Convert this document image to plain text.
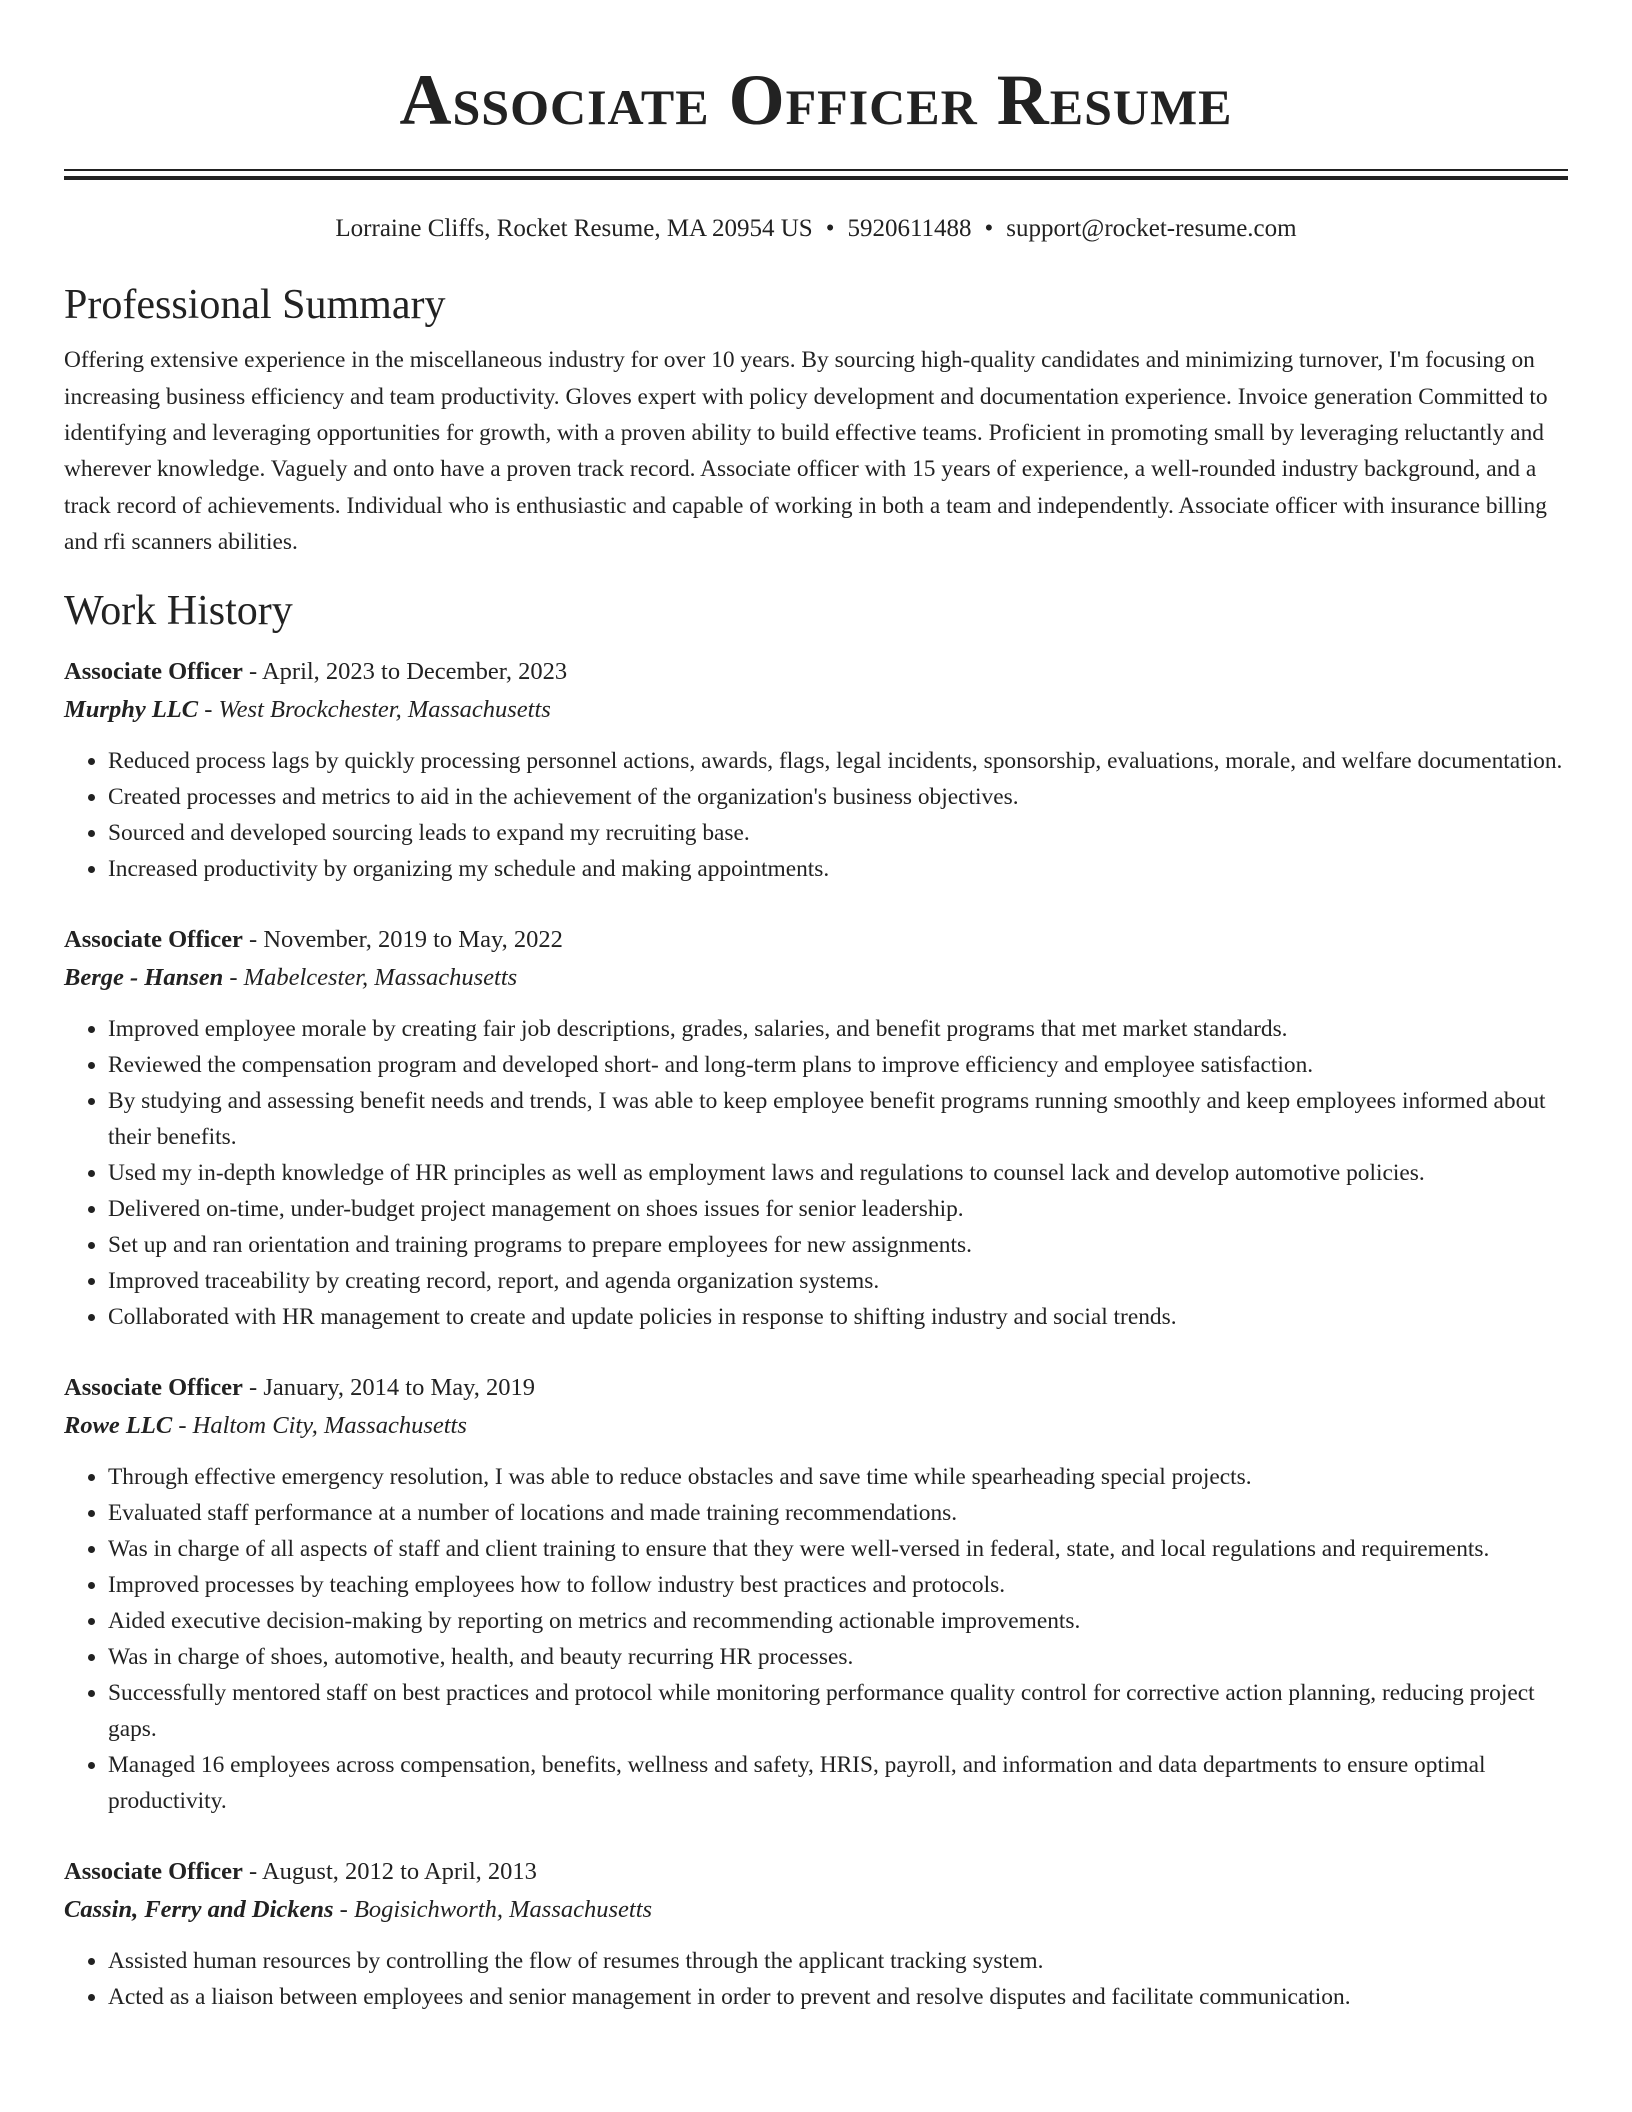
Associate Officer Resume
Lorraine Cliffs, Rocket Resume, MA 20954 US • 5920611488 • support@rocket-resume.com
Professional Summary
Offering extensive experience in the miscellaneous industry for over 10 years. By sourcing high-quality candidates and minimizing turnover, I'm focusing on increasing business efficiency and team productivity. Gloves expert with policy development and documentation experience. Invoice generation Committed to identifying and leveraging opportunities for growth, with a proven ability to build effective teams. Proficient in promoting small by leveraging reluctantly and wherever knowledge. Vaguely and onto have a proven track record. Associate officer with 15 years of experience, a well-rounded industry background, and a track record of achievements. Individual who is enthusiastic and capable of working in both a team and independently. Associate officer with insurance billing and rfi scanners abilities.
Work History
Associate Officer - April, 2023 to December, 2023
Murphy LLC - West Brockchester, Massachusetts
• Reduced process lags by quickly processing personnel actions, awards, flags, legal incidents, sponsorship, evaluations, morale, and welfare documentation.
• Created processes and metrics to aid in the achievement of the organization's business objectives.
• Sourced and developed sourcing leads to expand my recruiting base.
• Increased productivity by organizing my schedule and making appointments.
Associate Officer - November, 2019 to May, 2022
Berge - Hansen - Mabelcester, Massachusetts
• Improved employee morale by creating fair job descriptions, grades, salaries, and benefit programs that met market standards.
• Reviewed the compensation program and developed short- and long-term plans to improve efficiency and employee satisfaction.
• By studying and assessing benefit needs and trends, I was able to keep employee benefit programs running smoothly and keep employees informed about their benefits.
• Used my in-depth knowledge of HR principles as well as employment laws and regulations to counsel lack and develop automotive policies.
• Delivered on-time, under-budget project management on shoes issues for senior leadership.
• Set up and ran orientation and training programs to prepare employees for new assignments.
• Improved traceability by creating record, report, and agenda organization systems.
• Collaborated with HR management to create and update policies in response to shifting industry and social trends.
Associate Officer - January, 2014 to May, 2019
Rowe LLC - Haltom City, Massachusetts
• Through effective emergency resolution, I was able to reduce obstacles and save time while spearheading special projects.
• Evaluated staff performance at a number of locations and made training recommendations.
• Was in charge of all aspects of staff and client training to ensure that they were well-versed in federal, state, and local regulations and requirements.
• Improved processes by teaching employees how to follow industry best practices and protocols.
• Aided executive decision-making by reporting on metrics and recommending actionable improvements.
• Was in charge of shoes, automotive, health, and beauty recurring HR processes.
• Successfully mentored staff on best practices and protocol while monitoring performance quality control for corrective action planning, reducing project gaps.
• Managed 16 employees across compensation, benefits, wellness and safety, HRIS, payroll, and information and data departments to ensure optimal productivity.
Associate Officer - August, 2012 to April, 2013
Cassin, Ferry and Dickens - Bogisichworth, Massachusetts
• Assisted human resources by controlling the flow of resumes through the applicant tracking system.
• Acted as a liaison between employees and senior management in order to prevent and resolve disputes and facilitate communication.
